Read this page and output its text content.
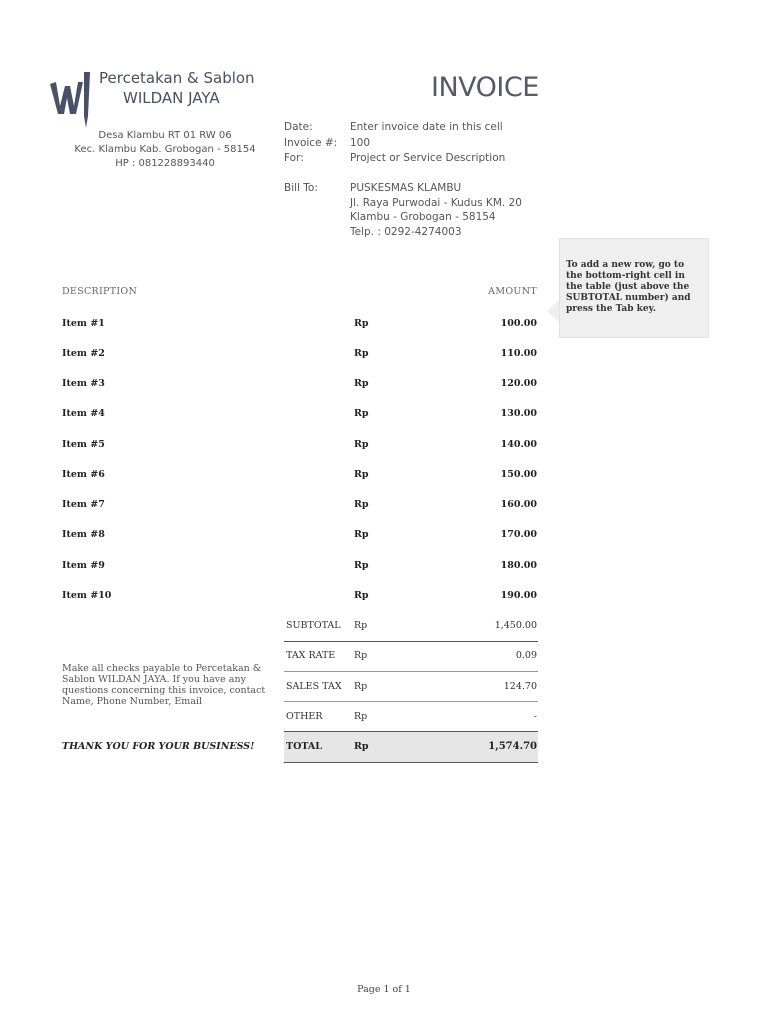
Percetakan & Sablon
WILDAN JAYA
Desa Klambu RT 01 RW 06
Kec. Klambu Kab. Grobogan - 58154
HP : 081228893440
INVOICE
Date:	Enter invoice date in this cell
Invoice #: 100
For:	Project or Service Description
Bill To:	PUSKESMAS KLAMBU
Jl. Raya Purwodai - Kudus KM. 20
Klambu - Grobogan - 58154
Telp. : 0292-4274003
To add a new row, go to the bottom-right cell in the table (just above the SUBTOTAL number) and press the Tab key.
DESCRIPTION	AMOUNT
Item #1	Rp	100.00
Item #2	Rp	110.00
Item #3	Rp	120.00
Item #4	Rp	130.00
Item #5	Rp	140.00
Item #6	Rp	150.00
Item #7	Rp	160.00
Item #8	Rp	170.00
Item #9	Rp	180.00
Item #10	Rp	190.00
SUBTOTAL Rp	1,450.00
TAX RATE Rp	0.09
SALES TAX Rp	124.70
OTHER	Rp	-
TOTAL	Rp	1,574.70
Make all checks payable to Percetakan & Sablon WILDAN JAYA. If you have any questions concerning this invoice, contact Name, Phone Number, Email
THANK YOU FOR YOUR BUSINESS!
Page 1 of 1
